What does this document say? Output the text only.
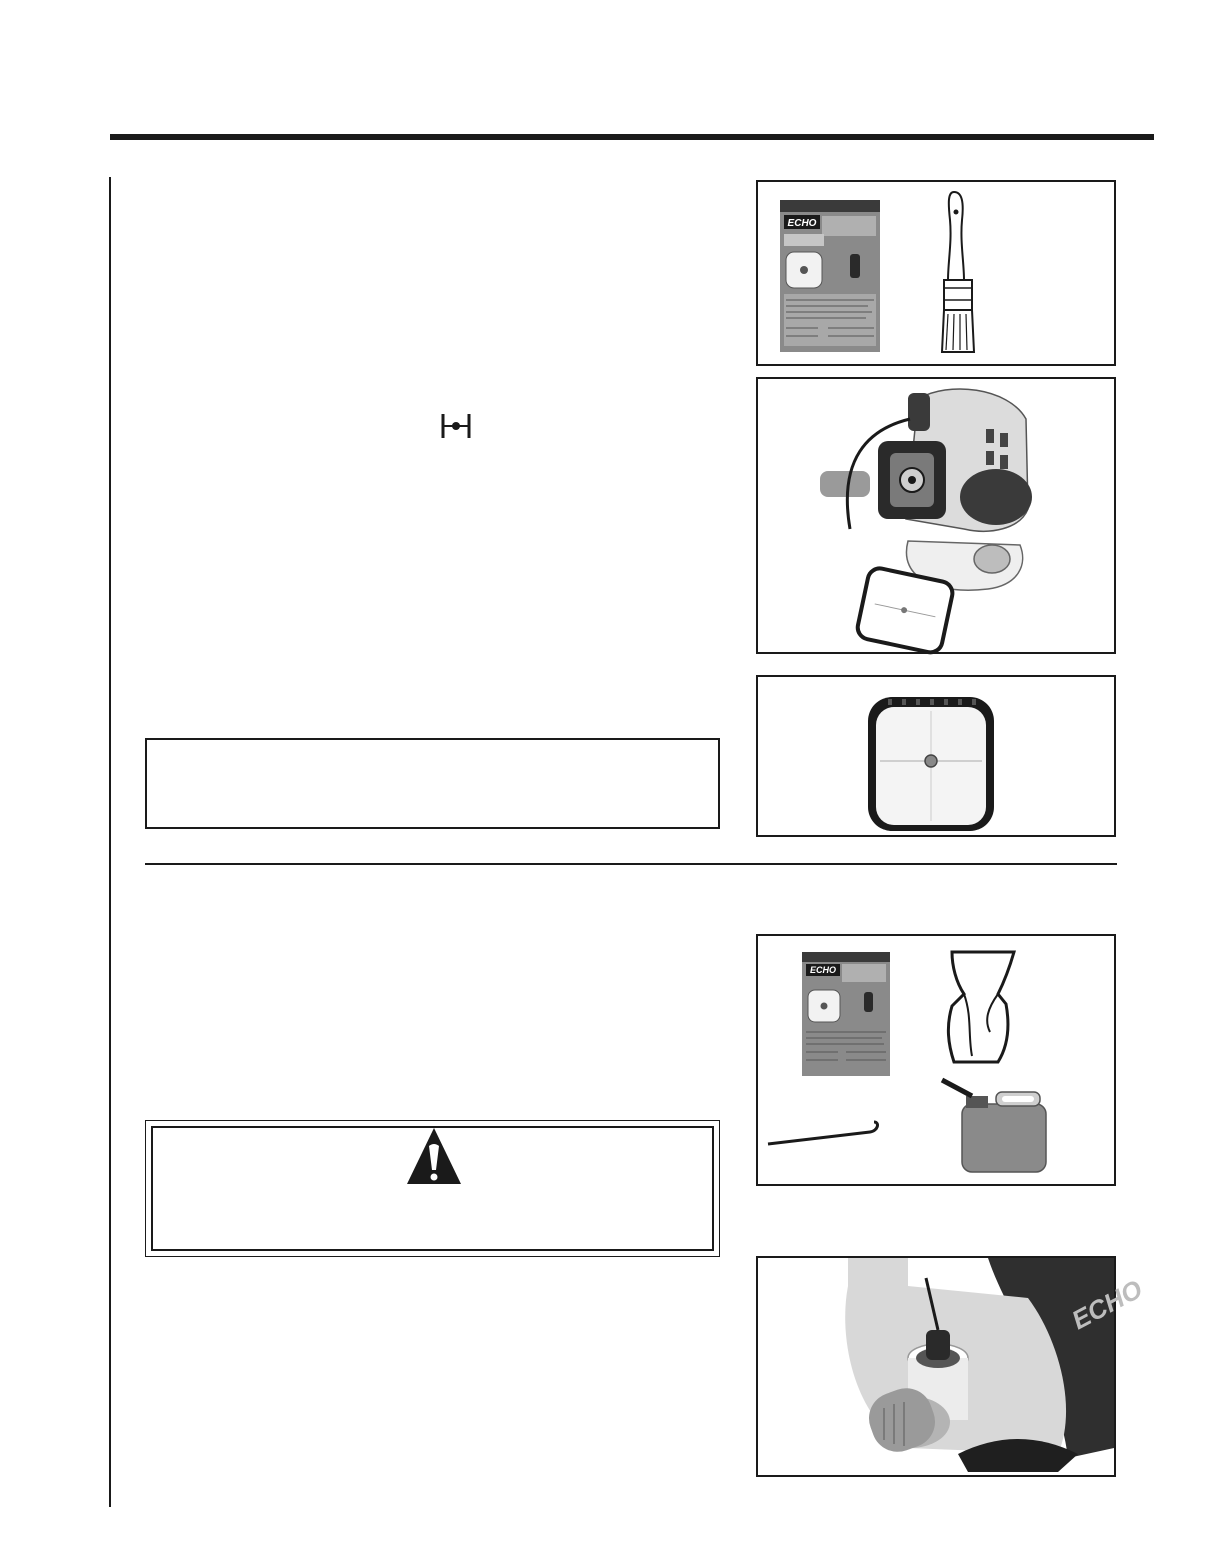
ECHO
ECHO
ECHO
